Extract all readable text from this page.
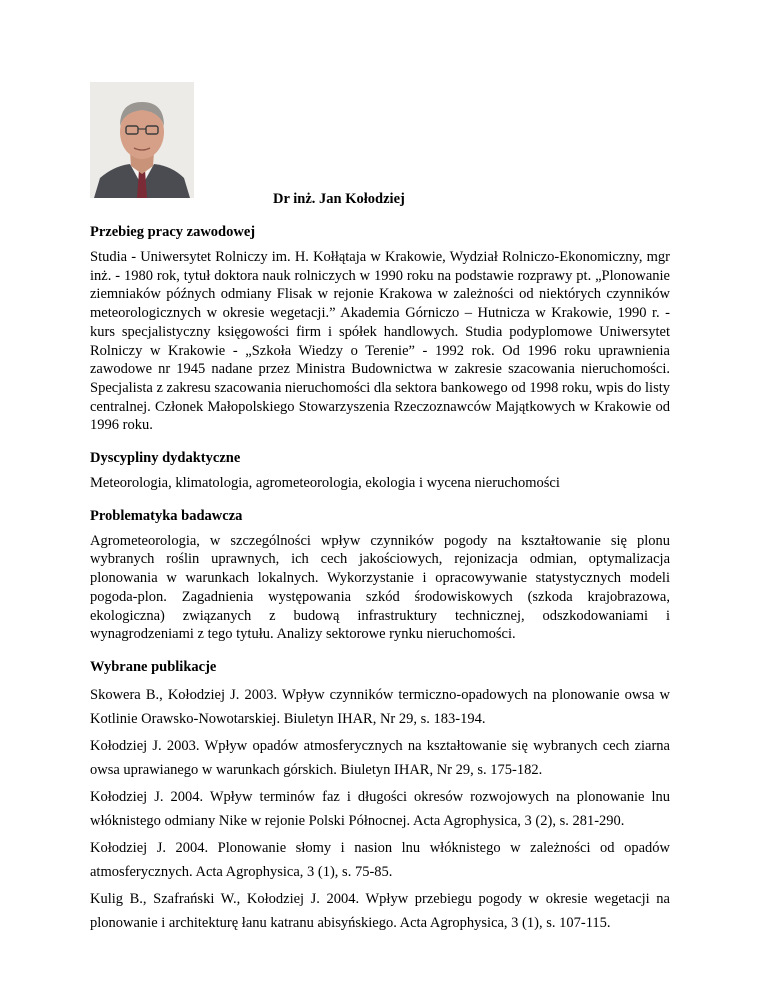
Dr inż. Jan Kołodziej
Przebieg pracy zawodowej

Studia - Uniwersytet Rolniczy im. H. Kołłątaja w Krakowie, Wydział Rolniczo-Ekonomiczny, mgr inż. - 1980 rok, tytuł doktora nauk rolniczych w 1990 roku na podstawie rozprawy pt. „Plonowanie ziemniaków późnych odmiany Flisak w rejonie Krakowa w zależności od niektórych czynników meteorologicznych w okresie wegetacji.” Akademia Górniczo – Hutnicza w Krakowie, 1990 r. - kurs specjalistyczny księgowości firm i spółek handlowych. Studia podyplomowe Uniwersytet Rolniczy w Krakowie - „Szkoła Wiedzy o Terenie” - 1992 rok. Od 1996 roku uprawnienia zawodowe nr 1945 nadane przez Ministra Budownictwa w zakresie szacowania nieruchomości. Specjalista z zakresu szacowania nieruchomości dla sektora bankowego od 1998 roku, wpis do listy centralnej. Członek Małopolskiego Stowarzyszenia Rzeczoznawców Majątkowych w Krakowie od 1996 roku.

Dyscypliny dydaktyczne

Meteorologia, klimatologia, agrometeorologia, ekologia i wycena nieruchomości

Problematyka badawcza

Agrometeorologia, w szczególności wpływ czynników pogody na kształtowanie się plonu wybranych roślin uprawnych, ich cech jakościowych, rejonizacja odmian, optymalizacja plonowania w warunkach lokalnych. Wykorzystanie i opracowywanie statystycznych modeli pogoda-plon. Zagadnienia występowania szkód środowiskowych (szkoda krajobrazowa, ekologiczna) związanych z budową infrastruktury technicznej, odszkodowaniami i wynagrodzeniami z tego tytułu. Analizy sektorowe rynku nieruchomości.

Wybrane publikacje

Skowera B., Kołodziej J. 2003. Wpływ czynników termiczno-opadowych na plonowanie owsa w Kotlinie Orawsko-Nowotarskiej. Biuletyn IHAR, Nr 29, s. 183-194.

Kołodziej J. 2003. Wpływ opadów atmosferycznych na kształtowanie się wybranych cech ziarna owsa uprawianego w warunkach górskich. Biuletyn IHAR, Nr 29, s. 175-182.

Kołodziej J. 2004. Wpływ terminów faz i długości okresów rozwojowych na plonowanie lnu włóknistego odmiany Nike w rejonie Polski Północnej. Acta Agrophysica, 3 (2), s. 281-290.

Kołodziej J. 2004. Plonowanie słomy i nasion lnu włóknistego w zależności od opadów atmosferycznych. Acta Agrophysica, 3 (1), s. 75-85.

Kulig B., Szafrański W., Kołodziej J. 2004. Wpływ przebiegu pogody w okresie wegetacji na plonowanie i architekturę łanu katranu abisyńskiego. Acta Agrophysica, 3 (1), s. 107-115.
